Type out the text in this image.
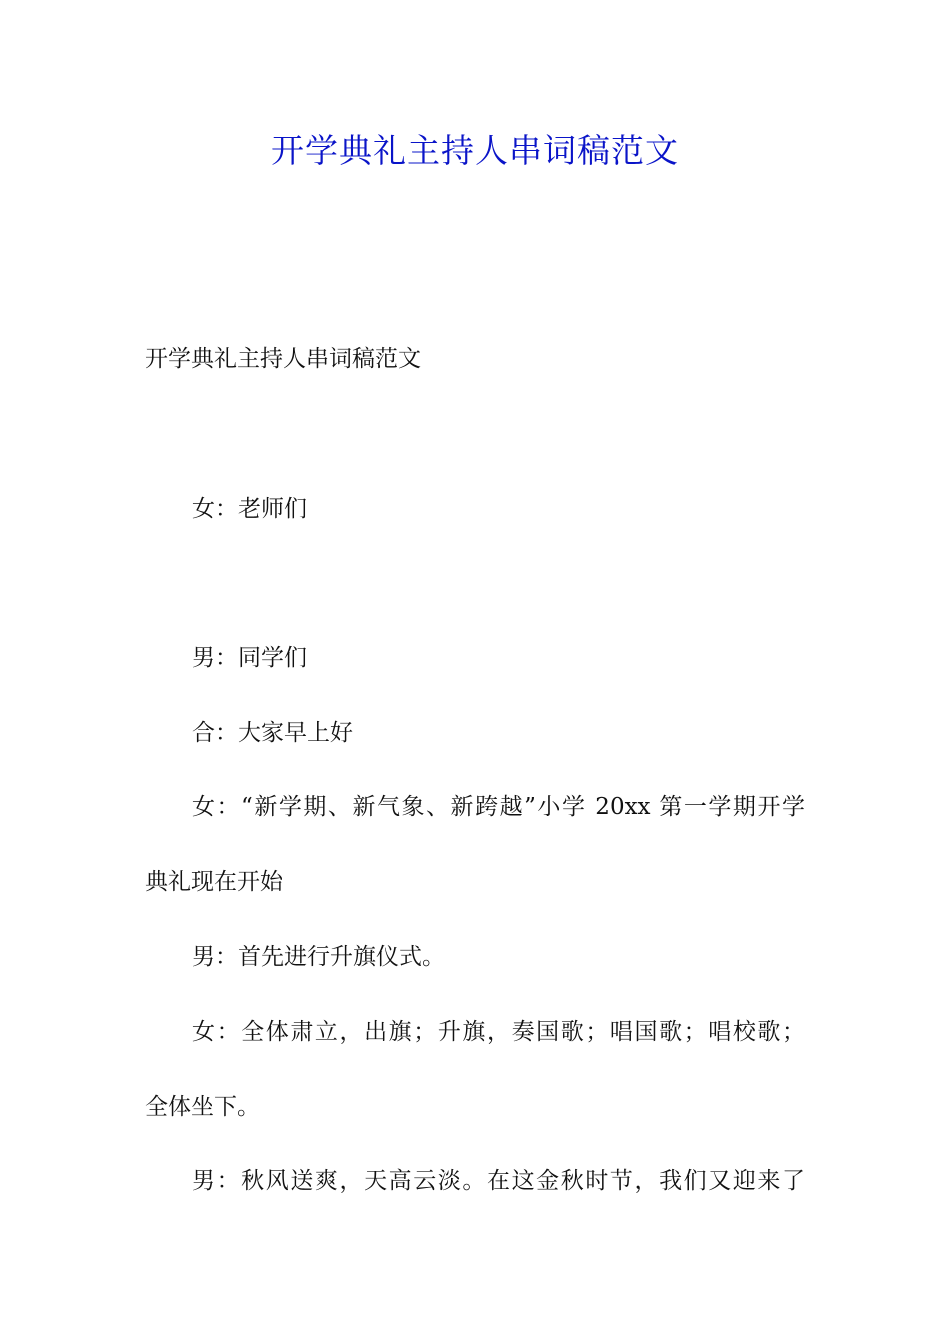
开学典礼主持人串词稿范文

开学典礼主持人串词稿范文

女：老师们

男：同学们

合：大家早上好

女：“新学期、新气象、新跨越”小学 20xx 第一学期开学

典礼现在开始

男：首先进行升旗仪式。

女：全体肃立，出旗；升旗，奏国歌；唱国歌；唱校歌；

全体坐下。

男：秋风送爽，天高云淡。在这金秋时节，我们又迎来了
